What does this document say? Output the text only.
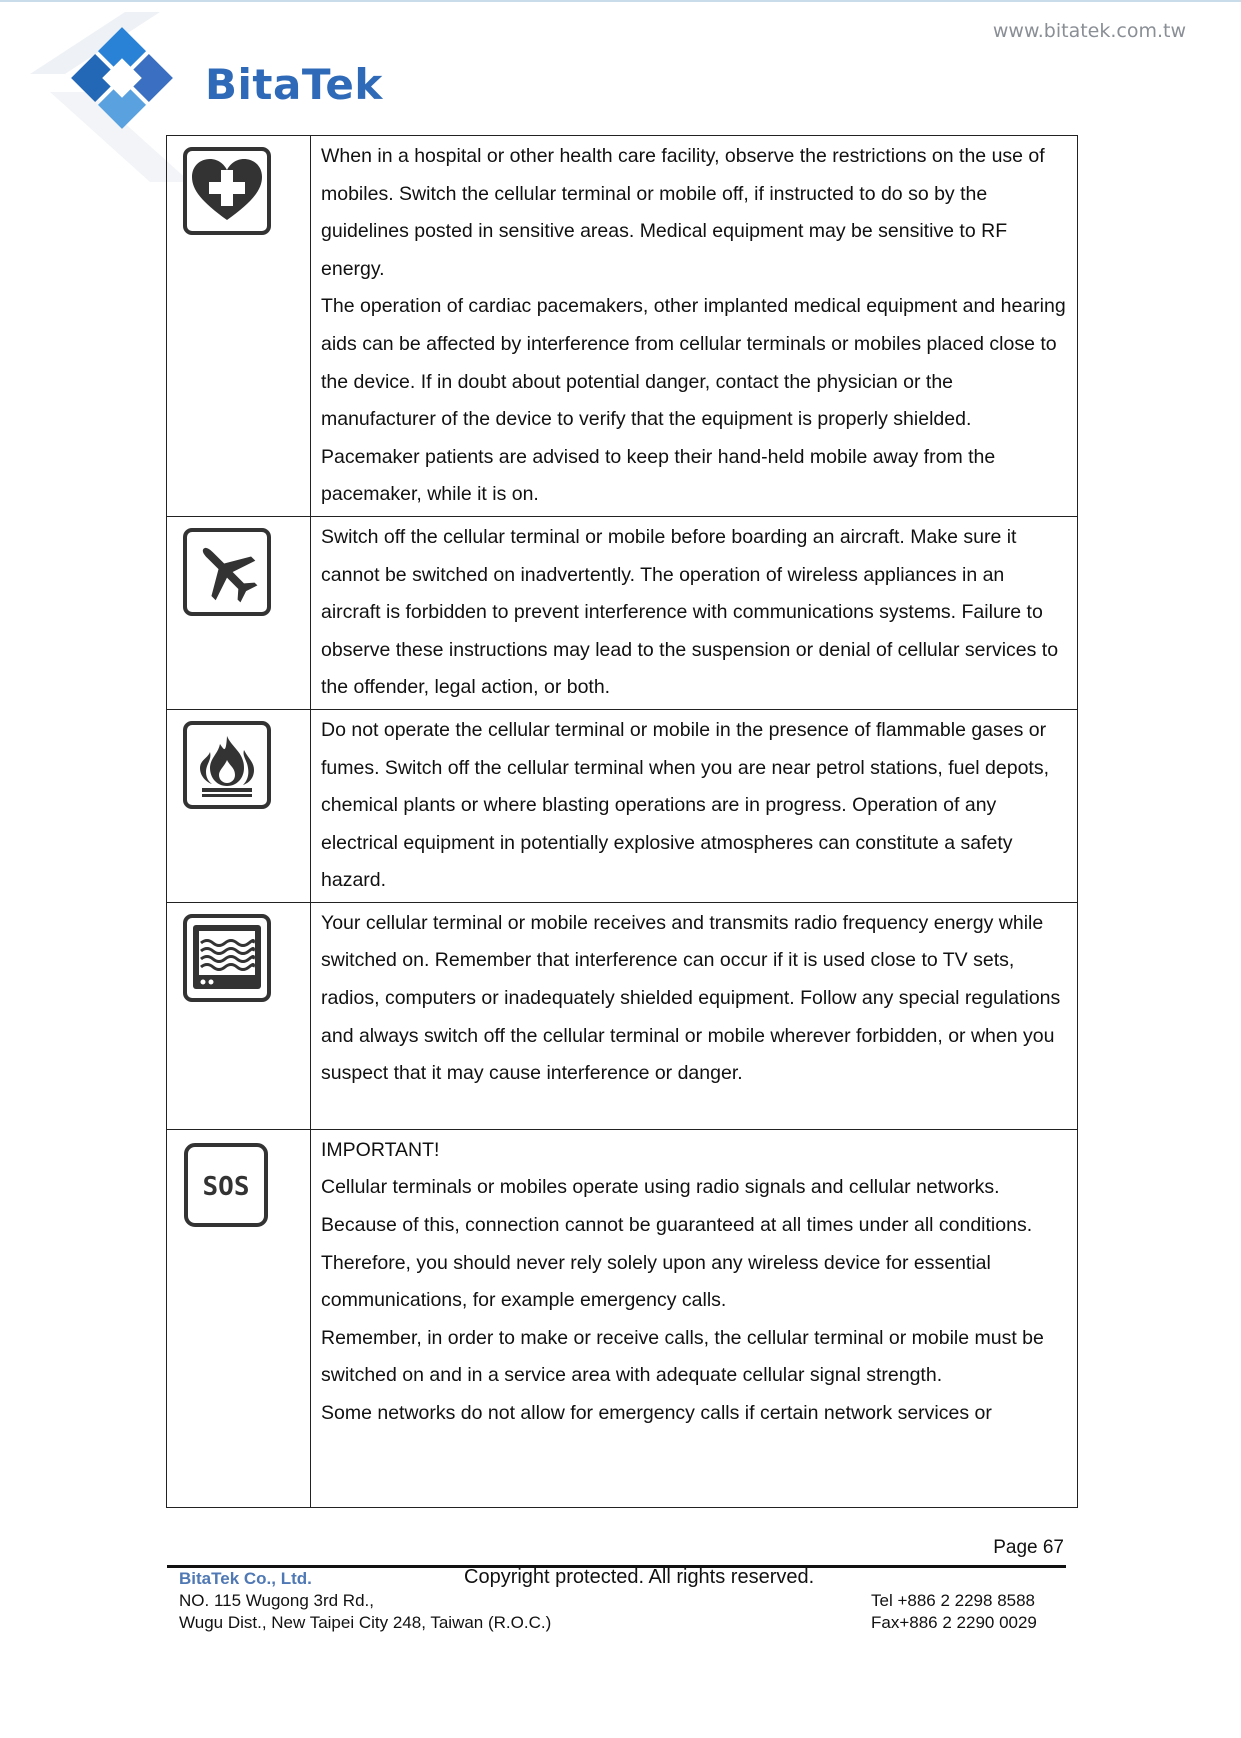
BitaTek
www.bitatek.com.tw

When in a hospital or other health care facility, observe the restrictions on the use of mobiles. Switch the cellular terminal or mobile off, if instructed to do so by the guidelines posted in sensitive areas. Medical equipment may be sensitive to RF energy.

The operation of cardiac pacemakers, other implanted medical equipment and hearing aids can be affected by interference from cellular terminals or mobiles placed close to the device. If in doubt about potential danger, contact the physician or the manufacturer of the device to verify that the equipment is properly shielded. Pacemaker patients are advised to keep their hand-held mobile away from the pacemaker, while it is on.

Switch off the cellular terminal or mobile before boarding an aircraft. Make sure it cannot be switched on inadvertently. The operation of wireless appliances in an aircraft is forbidden to prevent interference with communications systems. Failure to observe these instructions may lead to the suspension or denial of cellular services to the offender, legal action, or both.

Do not operate the cellular terminal or mobile in the presence of flammable gases or fumes. Switch off the cellular terminal when you are near petrol stations, fuel depots, chemical plants or where blasting operations are in progress. Operation of any electrical equipment in potentially explosive atmospheres can constitute a safety hazard.

Your cellular terminal or mobile receives and transmits radio frequency energy while switched on. Remember that interference can occur if it is used close to TV sets, radios, computers or inadequately shielded equipment. Follow any special regulations and always switch off the cellular terminal or mobile wherever forbidden, or when you suspect that it may cause interference or danger.

SOS	IMPORTANT!

Cellular terminals or mobiles operate using radio signals and cellular networks. Because of this, connection cannot be guaranteed at all times under all conditions.

Therefore, you should never rely solely upon any wireless device for essential communications, for example emergency calls.

Remember, in order to make or receive calls, the cellular terminal or mobile must be switched on and in a service area with adequate cellular signal strength.

Some networks do not allow for emergency calls if certain network services or

Page 67
BitaTek Co., Ltd.	Copyright protected. All rights reserved.
NO. 115 Wugong 3rd Rd.,
Wugu Dist., New Taipei City 248, Taiwan (R.O.C.)
Tel +886 2 2298 8588
Fax+886 2 2290 0029
